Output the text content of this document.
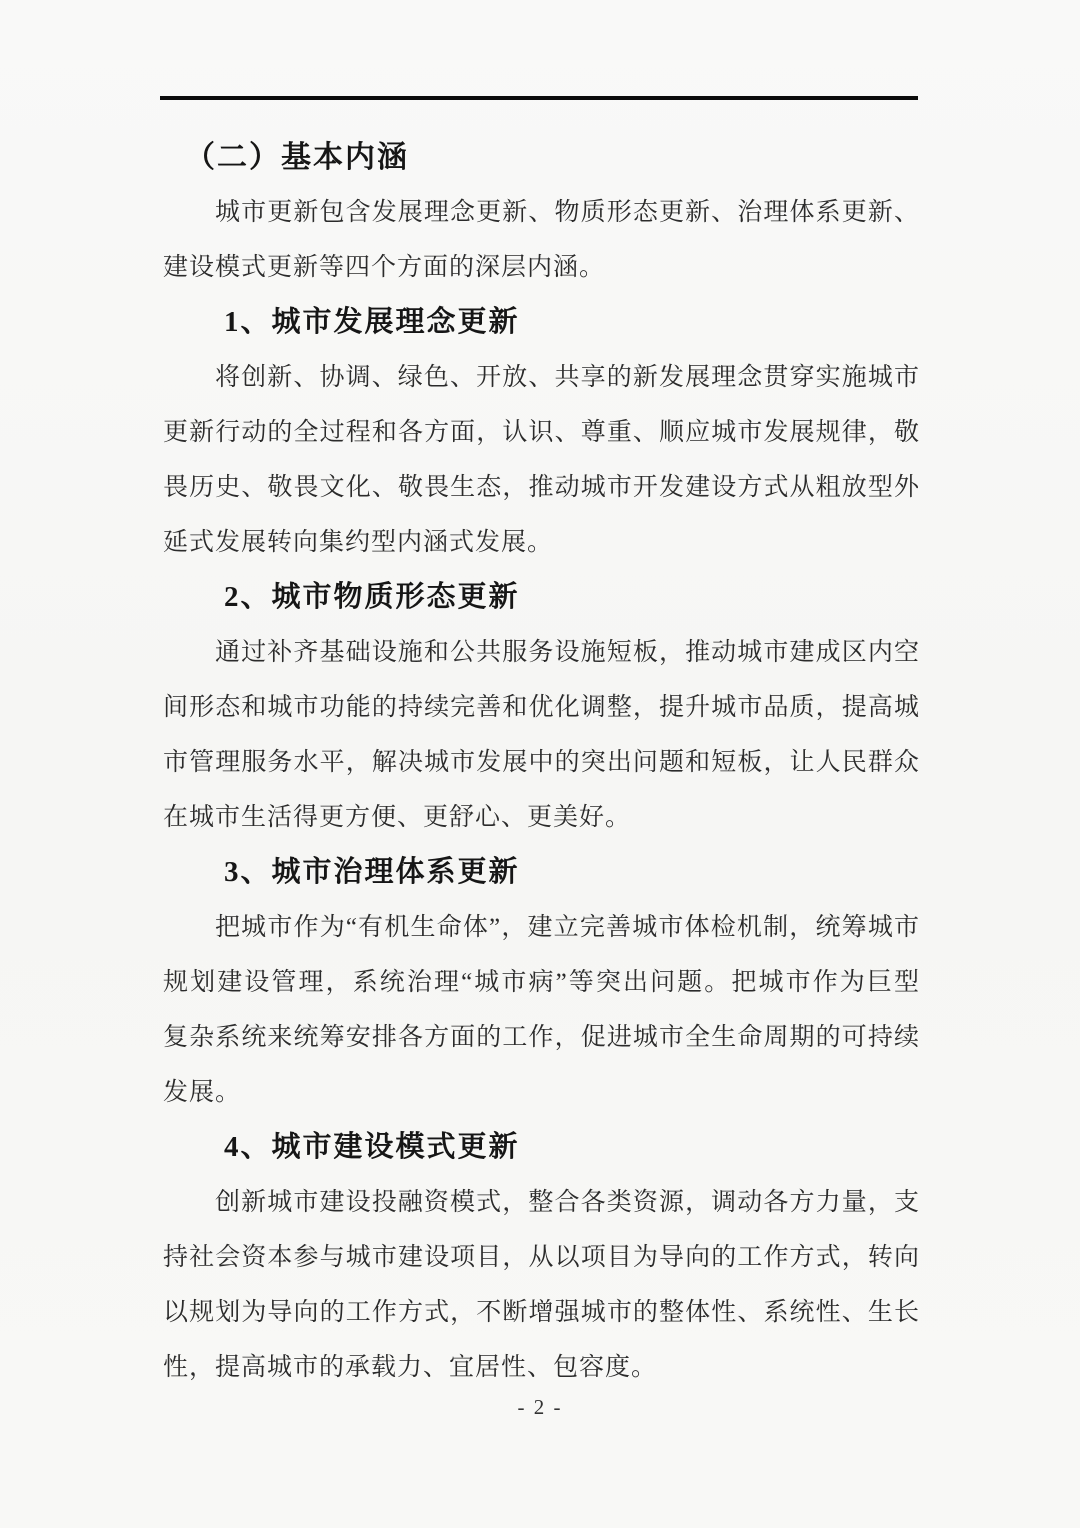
（二）基本内涵
城市更新包含发展理念更新、物质形态更新、治理体系更新、
建设模式更新等四个方面的深层内涵。
1、城市发展理念更新
将创新、协调、绿色、开放、共享的新发展理念贯穿实施城市
更新行动的全过程和各方面，认识、尊重、顺应城市发展规律，敬
畏历史、敬畏文化、敬畏生态，推动城市开发建设方式从粗放型外
延式发展转向集约型内涵式发展。
2、城市物质形态更新
通过补齐基础设施和公共服务设施短板，推动城市建成区内空
间形态和城市功能的持续完善和优化调整，提升城市品质，提高城
市管理服务水平，解决城市发展中的突出问题和短板，让人民群众
在城市生活得更方便、更舒心、更美好。
3、城市治理体系更新
把城市作为“有机生命体”，建立完善城市体检机制，统筹城市
规划建设管理，系统治理“城市病”等突出问题。把城市作为巨型
复杂系统来统筹安排各方面的工作，促进城市全生命周期的可持续
发展。
4、城市建设模式更新
创新城市建设投融资模式，整合各类资源，调动各方力量，支
持社会资本参与城市建设项目，从以项目为导向的工作方式，转向
以规划为导向的工作方式，不断增强城市的整体性、系统性、生长
性，提高城市的承载力、宜居性、包容度。
- 2 -
